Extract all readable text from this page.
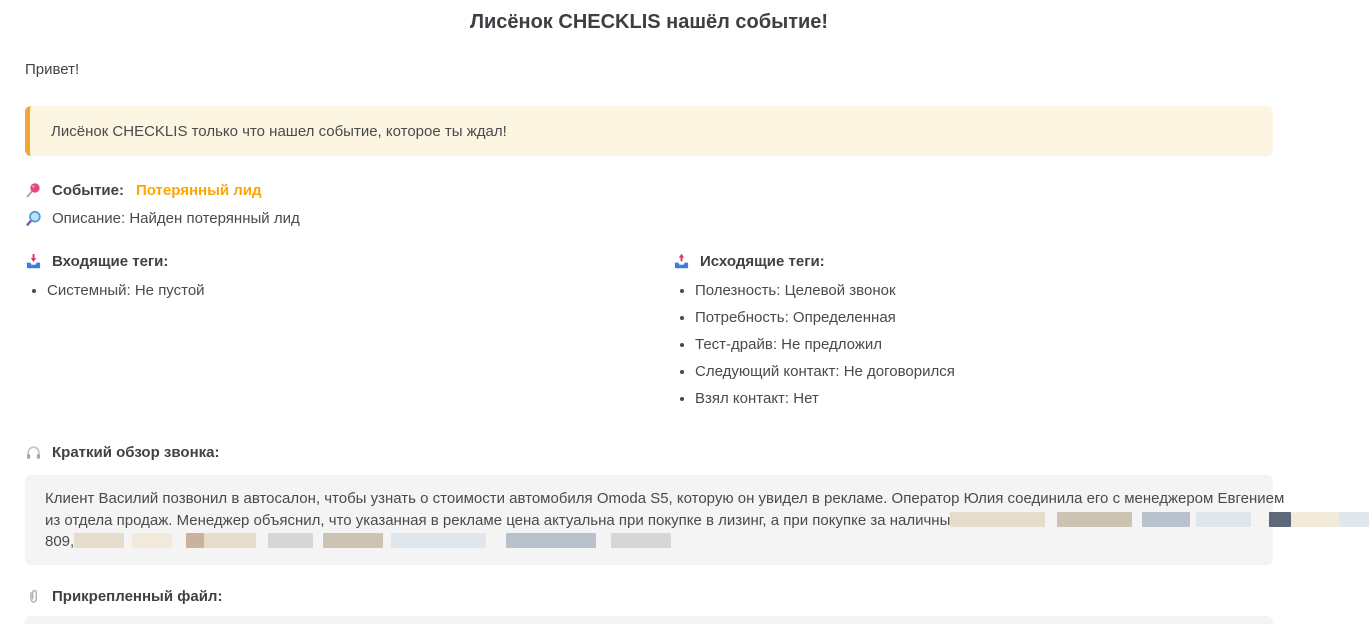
Лисёнок CHECKLIS нашёл событие!

Привет!

Лисёнок CHECKLIS только что нашел событие, которое ты ждал!
Событие: Потерянный лид
Описание: Найден потерянный лид
Входящие теги:
• Системный: Не пустой
Исходящие теги:
• Полезность: Целевой звонок
• Потребность: Определенная
• Тест-драйв: Не предложил
• Следующий контакт: Не договорился
• Взял контакт: Нет
Краткий обзор звонка:
Клиент Василий позвонил в автосалон, чтобы узнать о стоимости автомобиля Omoda S5, которую он увидел в рекламе. Оператор Юлия соединила его с менеджером Евгением
из отдела продаж. Менеджер объяснил, что указанная в рекламе цена актуальна при покупке в лизинг, а при покупке за наличны
809,
Прикрепленный файл:
